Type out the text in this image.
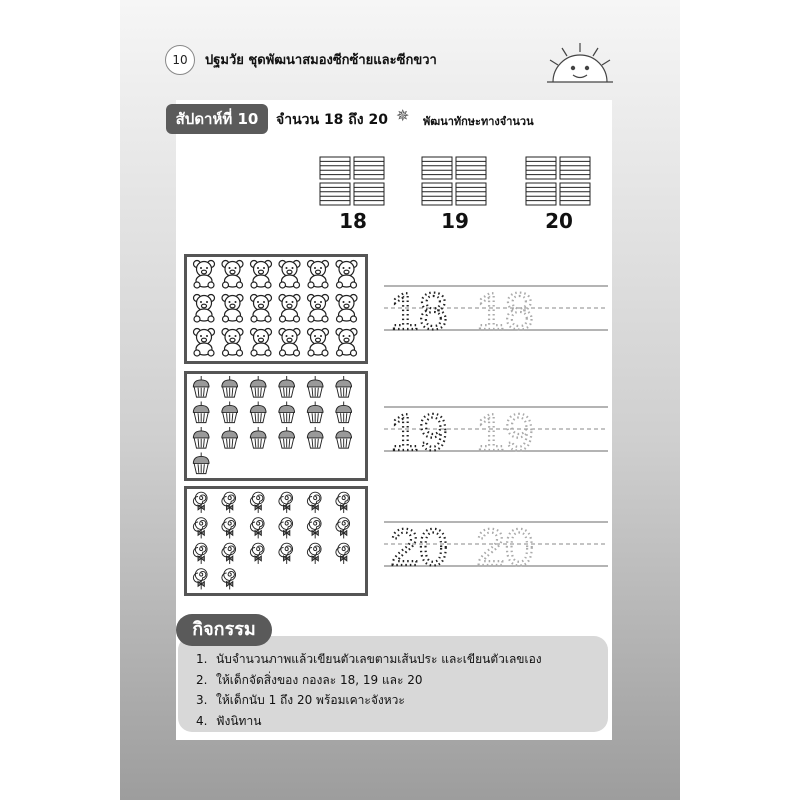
10	ปฐมวัย ชุดพัฒนาสมองซีกซ้ายและซีกขวา
สัปดาห์ที่ 10	จำนวน 18 ถึง 20 ✵ พัฒนาทักษะทางจำนวน
18	19	20
18 18
19 19
20 20
กิจกรรม
1. นับจำนวนภาพแล้วเขียนตัวเลขตามเส้นประ และเขียนตัวเลขเอง
2. ให้เด็กจัดสิ่งของ กองละ 18, 19 และ 20
3. ให้เด็กนับ 1 ถึง 20 พร้อมเคาะจังหวะ
4. ฟังนิทาน
